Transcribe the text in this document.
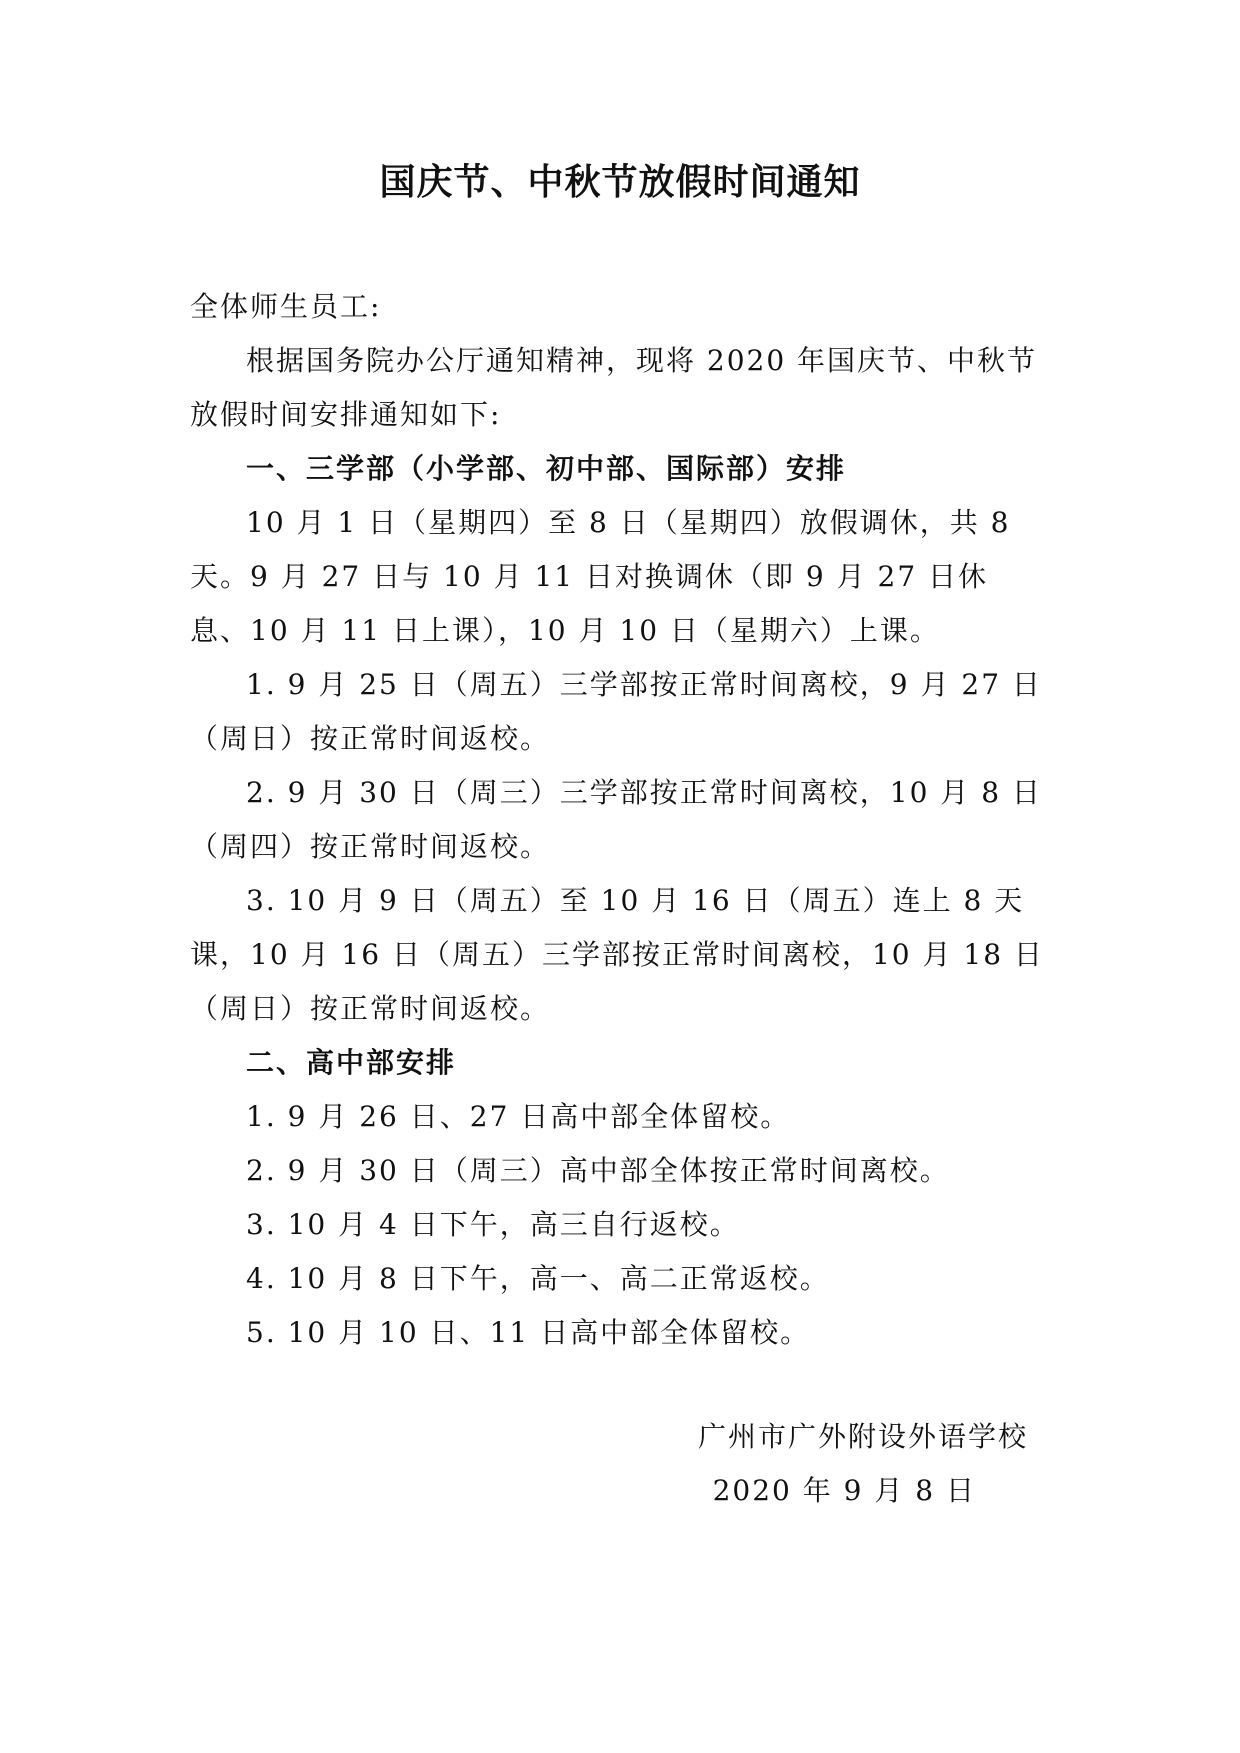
国庆节、中秋节放假时间通知

全体师生员工:

根据国务院办公厅通知精神，现将 2020 年国庆节、中秋节放假时间安排通知如下:

一、三学部（小学部、初中部、国际部）安排

10 月 1 日（星期四）至 8 日（星期四）放假调休，共 8 天。9 月 27 日与 10 月 11 日对换调休（即 9 月 27 日休息、10 月 11 日上课），10 月 10 日（星期六）上课。

1. 9 月 25 日（周五）三学部按正常时间离校，9 月 27 日（周日）按正常时间返校。

2. 9 月 30 日（周三）三学部按正常时间离校，10 月 8 日（周四）按正常时间返校。

3. 10 月 9 日（周五）至 10 月 16 日（周五）连上 8 天课，10 月 16 日（周五）三学部按正常时间离校，10 月 18 日（周日）按正常时间返校。

二、高中部安排

1. 9 月 26 日、27 日高中部全体留校。

2. 9 月 30 日（周三）高中部全体按正常时间离校。

3. 10 月 4 日下午，高三自行返校。

4. 10 月 8 日下午，高一、高二正常返校。

5. 10 月 10 日、11 日高中部全体留校。

广州市广外附设外语学校

2020 年 9 月 8 日
